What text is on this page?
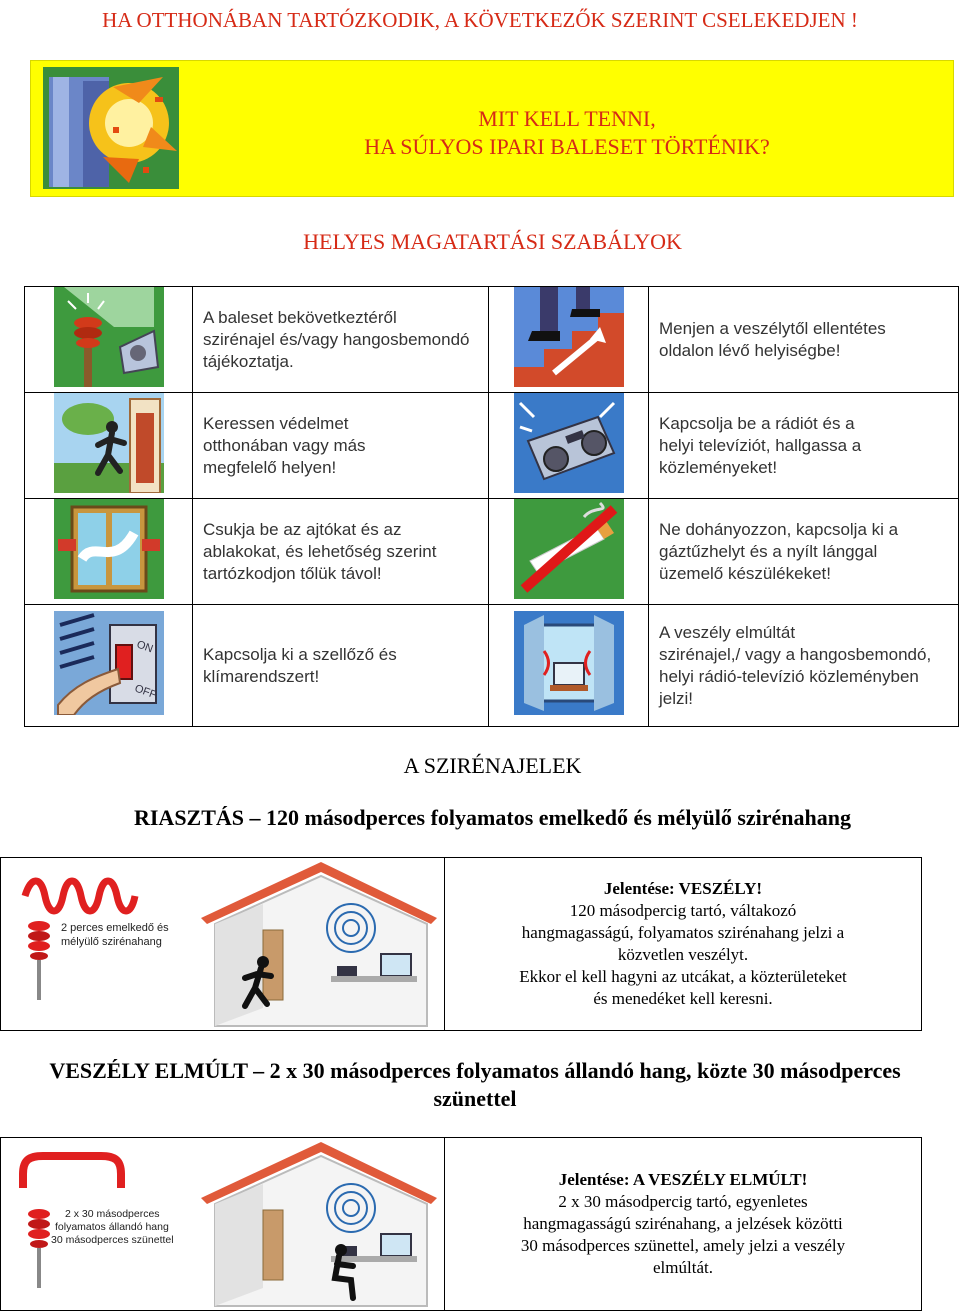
HA OTTHONÁBAN TARTÓZKODIK, A KÖVETKEZŐK SZERINT CSELEKEDJEN !
MIT KELL TENNI,
HA SÚLYOS IPARI BALESET TÖRTÉNIK?
HELYES MAGATARTÁSI SZABÁLYOK

A baleset bekövetkeztéről
szirénajel és/vagy hangosbemondó
tájékoztatja.		Menjen a veszélytől ellentétes
oldalon lévő helyiségbe!

Keressen védelmet
otthonában vagy más
megfelelő helyen!		Kapcsolja be a rádiót és a
helyi televíziót, hallgassa a
közleményeket!

Csukja be az ajtókat és az
ablakokat, és lehetőség szerint
tartózkodjon tőlük távol!		Ne dohányozzon, kapcsolja ki a
gáztűzhelyt és a nyílt lánggal
üzemelő készülékeket!

ON
OFF	Kapcsolja ki a szellőző és
klímarendszert!		A veszély elmúltát
szirénajel,/ vagy a hangosbemondó,
helyi rádió-televízió közleményben
jelzi!
A SZIRÉNAJELEK
RIASZTÁS – 120 másodperces folyamatos emelkedő és mélyülő szirénahang
2 perces emelkedő és
mélyülő szirénahang
Jelentése: VESZÉLY!
120 másodpercig tartó, váltakozó
hangmagasságú, folyamatos szirénahang jelzi a
közvetlen veszélyt.
Ekkor el kell hagyni az utcákat, a közterületeket
és menedéket kell keresni.
VESZÉLY ELMÚLT – 2 x 30 másodperces folyamatos állandó hang, közte 30 másodperces szünettel
2 x 30 másodperces
folyamatos állandó hang
30 másodperces szünettel
Jelentése: A VESZÉLY ELMÚLT!
2 x 30 másodpercig tartó, egyenletes
hangmagasságú szirénahang, a jelzések közötti
30 másodperces szünettel, amely jelzi a veszély
elmúltát.
